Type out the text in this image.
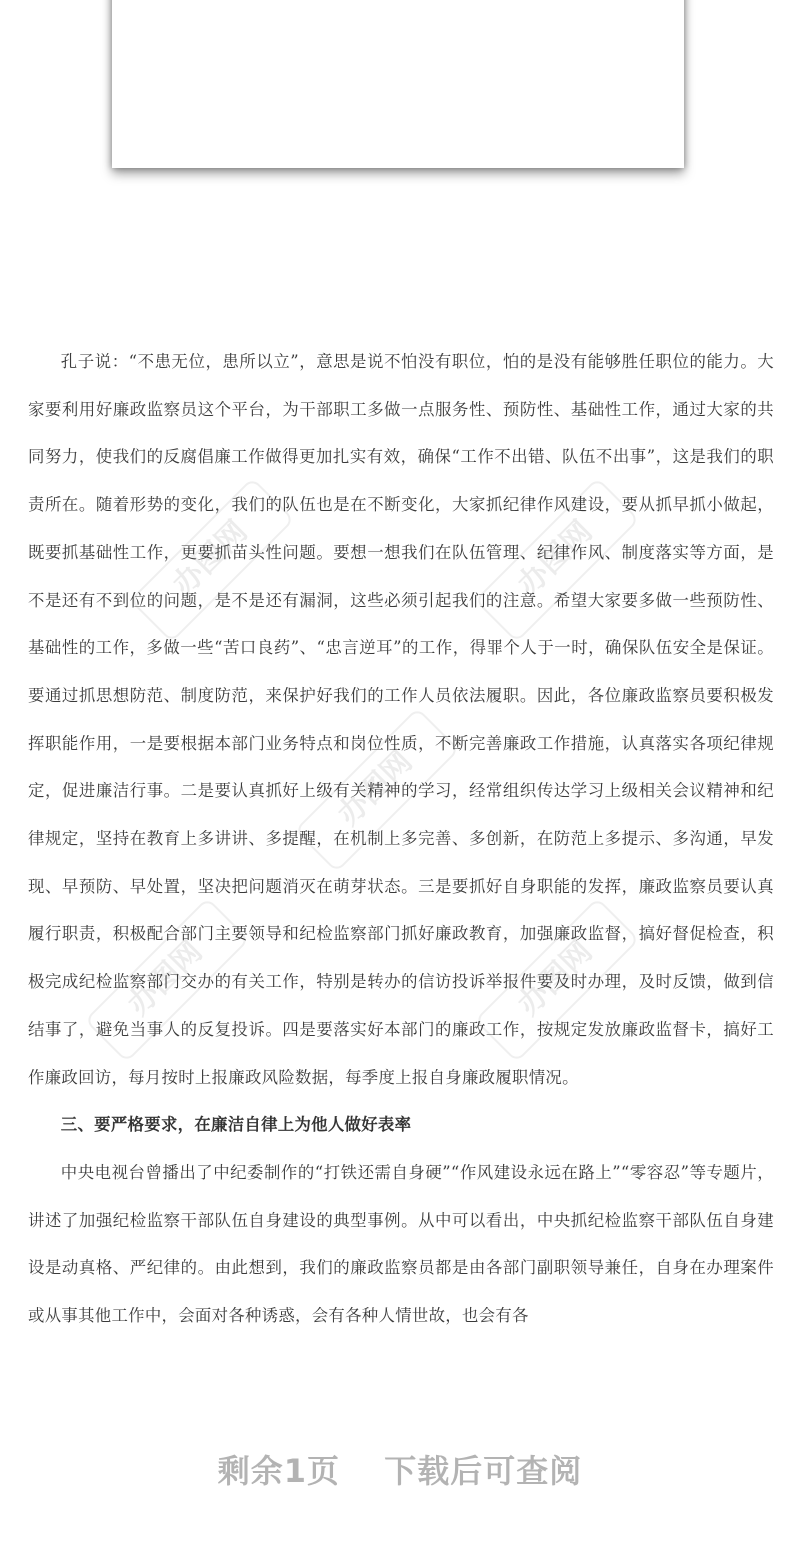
办图网	办图网
办图网
办图网	办图网

孔子说：“不患无位，患所以立”，意思是说不怕没有职位，怕的是没有能够胜任职位的能力。大家要利用好廉政监察员这个平台，为干部职工多做一点服务性、预防性、基础性工作，通过大家的共同努力，使我们的反腐倡廉工作做得更加扎实有效，确保“工作不出错、队伍不出事”，这是我们的职责所在。随着形势的变化，我们的队伍也是在不断变化，大家抓纪律作风建设，要从抓早抓小做起，既要抓基础性工作，更要抓苗头性问题。要想一想我们在队伍管理、纪律作风、制度落实等方面，是不是还有不到位的问题，是不是还有漏洞，这些必须引起我们的注意。希望大家要多做一些预防性、基础性的工作，多做一些“苦口良药”、“忠言逆耳”的工作，得罪个人于一时，确保队伍安全是保证。要通过抓思想防范、制度防范，来保护好我们的工作人员依法履职。因此，各位廉政监察员要积极发挥职能作用，一是要根据本部门业务特点和岗位性质，不断完善廉政工作措施，认真落实各项纪律规定，促进廉洁行事。二是要认真抓好上级有关精神的学习，经常组织传达学习上级相关会议精神和纪律规定，坚持在教育上多讲讲、多提醒，在机制上多完善、多创新，在防范上多提示、多沟通，早发现、早预防、早处置，坚决把问题消灭在萌芽状态。三是要抓好自身职能的发挥，廉政监察员要认真履行职责，积极配合部门主要领导和纪检监察部门抓好廉政教育，加强廉政监督，搞好督促检查，积极完成纪检监察部门交办的有关工作，特别是转办的信访投诉举报件要及时办理，及时反馈，做到信结事了，避免当事人的反复投诉。四是要落实好本部门的廉政工作，按规定发放廉政监督卡，搞好工作廉政回访，每月按时上报廉政风险数据，每季度上报自身廉政履职情况。

三、要严格要求，在廉洁自律上为他人做好表率

中央电视台曾播出了中纪委制作的“打铁还需自身硬”“作风建设永远在路上”“零容忍”等专题片，讲述了加强纪检监察干部队伍自身建设的典型事例。从中可以看出，中央抓纪检监察干部队伍自身建设是动真格、严纪律的。由此想到，我们的廉政监察员都是由各部门副职领导兼任，自身在办理案件或从事其他工作中，会面对各种诱惑，会有各种人情世故，也会有各

剩余1页 下载后可查阅
